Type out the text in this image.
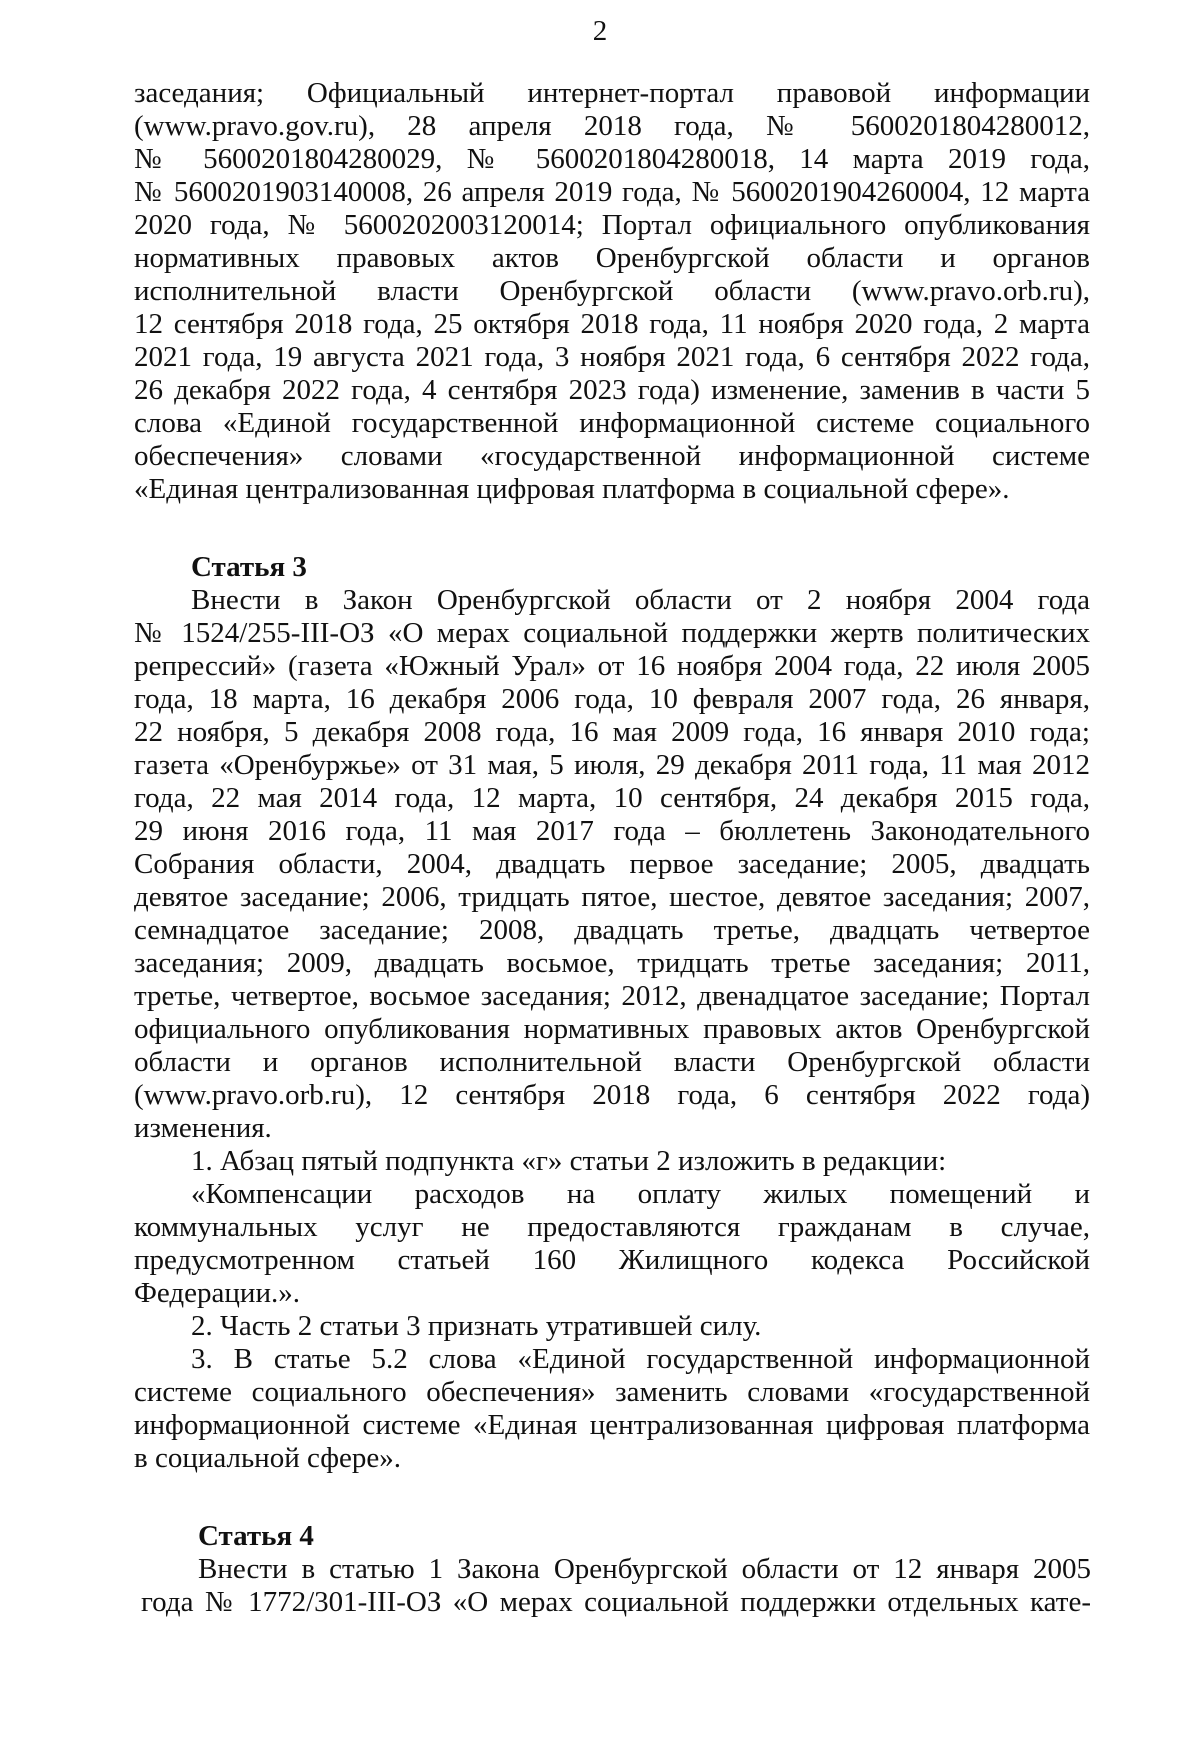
2
заседания; Официальный интернет-портал правовой информации
(www.pravo.gov.ru), 28 апреля 2018 года, № 5600201804280012,
№ 5600201804280029, № 5600201804280018, 14 марта 2019 года,
№ 5600201903140008, 26 апреля 2019 года, № 5600201904260004, 12 марта
2020 года, № 5600202003120014; Портал официального опубликования
нормативных правовых актов Оренбургской области и органов
исполнительной власти Оренбургской области (www.pravo.orb.ru),
12 сентября 2018 года, 25 октября 2018 года, 11 ноября 2020 года, 2 марта
2021 года, 19 августа 2021 года, 3 ноября 2021 года, 6 сентября 2022 года,
26 декабря 2022 года, 4 сентября 2023 года) изменение, заменив в части 5
слова «Единой государственной информационной системе социального
обеспечения» словами «государственной информационной системе
«Единая централизованная цифровая платформа в социальной сфере».
Статья 3
Внести в Закон Оренбургской области от 2 ноября 2004 года
№ 1524/255-III-ОЗ «О мерах социальной поддержки жертв политических
репрессий» (газета «Южный Урал» от 16 ноября 2004 года, 22 июля 2005
года, 18 марта, 16 декабря 2006 года, 10 февраля 2007 года, 26 января,
22 ноября, 5 декабря 2008 года, 16 мая 2009 года, 16 января 2010 года;
газета «Оренбуржье» от 31 мая, 5 июля, 29 декабря 2011 года, 11 мая 2012
года, 22 мая 2014 года, 12 марта, 10 сентября, 24 декабря 2015 года,
29 июня 2016 года, 11 мая 2017 года – бюллетень Законодательного
Собрания области, 2004, двадцать первое заседание; 2005, двадцать
девятое заседание; 2006, тридцать пятое, шестое, девятое заседания; 2007,
семнадцатое заседание; 2008, двадцать третье, двадцать четвертое
заседания; 2009, двадцать восьмое, тридцать третье заседания; 2011,
третье, четвертое, восьмое заседания; 2012, двенадцатое заседание; Портал
официального опубликования нормативных правовых актов Оренбургской
области и органов исполнительной власти Оренбургской области
(www.pravo.orb.ru), 12 сентября 2018 года, 6 сентября 2022 года)
изменения.
1. Абзац пятый подпункта «г» статьи 2 изложить в редакции:
«Компенсации расходов на оплату жилых помещений и
коммунальных услуг не предоставляются гражданам в случае,
предусмотренном статьей 160 Жилищного кодекса Российской
Федерации.».
2. Часть 2 статьи 3 признать утратившей силу.
3. В статье 5.2 слова «Единой государственной информационной
системе социального обеспечения» заменить словами «государственной
информационной системе «Единая централизованная цифровая платформа
в социальной сфере».
Статья 4
Внести в статью 1 Закона Оренбургской области от 12 января 2005
года № 1772/301-III-ОЗ «О мерах социальной поддержки отдельных кате-
